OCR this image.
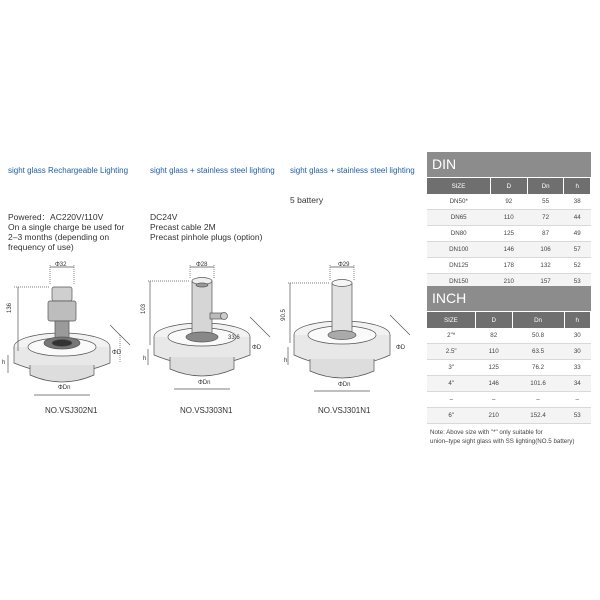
sight glass Rechargeable Lighting	sight glass + stainless steel lighting sight glass + stainless steel lighting
Powered：AC220V/110V
On a single charge be used for
2–3 months (depending on
frequency of use)
DC24V
Precast cable 2M
Precast pinhole plugs (option)
5 battery
Φ32
136
h
ΦD
ΦDn
NO.VSJ302N1
Φ28
103
h
33.6
ΦD
ΦDn
NO.VSJ303N1
Φ29
90.5
h
ΦD
ΦDn
NO.VSJ301N1
DIN
SIZE	D	Dn	h
DN50*	92	55	38
DN65	110	72	44
DN80	125	87	49
DN100	146	106	57
DN125	178	132	52
DN150	210	157	53
INCH
SIZE	D	Dn	h
2"*	82	50.8	30
2.5"	110	63.5	30
3"	125	76.2	33
4"	146	101.6	34
–	–	–	–
6"	210	152.4	53
Note: Above size with "*" only suitable for
union–type sight glass with SS lighting(NO.5 battery)
